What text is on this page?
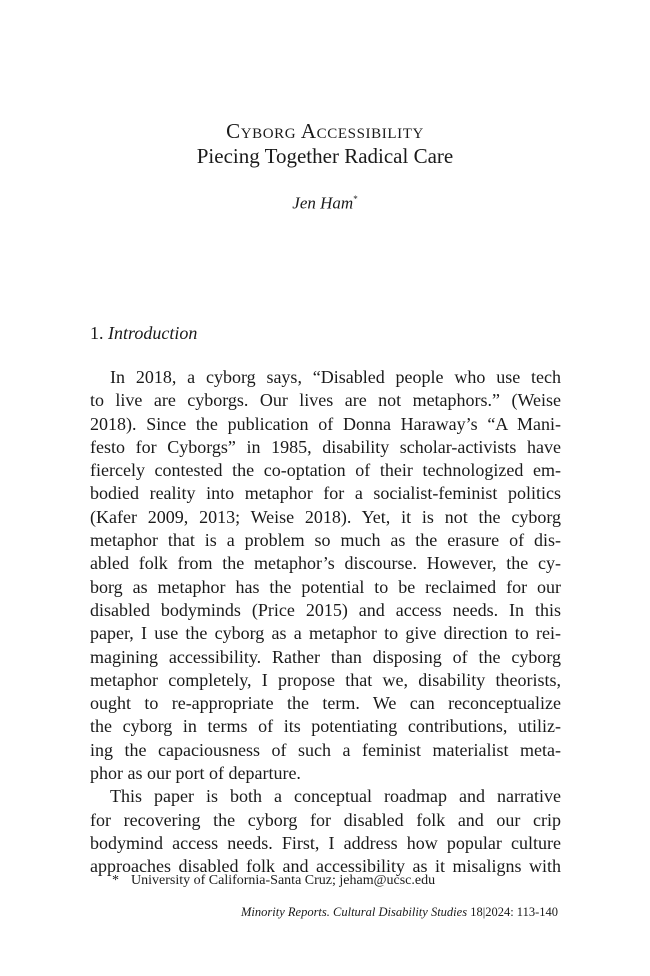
Cyborg Accessibility
Piecing Together Radical Care
Jen Ham*
1. Introduction
In 2018, a cyborg says, “Disabled people who use tech
to live are cyborgs. Our lives are not metaphors.” (Weise
2018). Since the publication of Donna Haraway’s “A Mani-
festo for Cyborgs” in 1985, disability scholar-activists have
fiercely contested the co-optation of their technologized em-
bodied reality into metaphor for a socialist-feminist politics
(Kafer 2009, 2013; Weise 2018). Yet, it is not the cyborg
metaphor that is a problem so much as the erasure of dis-
abled folk from the metaphor’s discourse. However, the cy-
borg as metaphor has the potential to be reclaimed for our
disabled bodyminds (Price 2015) and access needs. In this
paper, I use the cyborg as a metaphor to give direction to rei-
magining accessibility. Rather than disposing of the cyborg
metaphor completely, I propose that we, disability theorists,
ought to re-appropriate the term. We can reconceptualize
the cyborg in terms of its potentiating contributions, utiliz-
ing the capaciousness of such a feminist materialist meta-
phor as our port of departure.
This paper is both a conceptual roadmap and narrative
for recovering the cyborg for disabled folk and our crip
bodymind access needs. First, I address how popular culture
approaches disabled folk and accessibility as it misaligns with
* University of California-Santa Cruz; jeham@ucsc.edu
Minority Reports. Cultural Disability Studies 18|2024: 113-140
